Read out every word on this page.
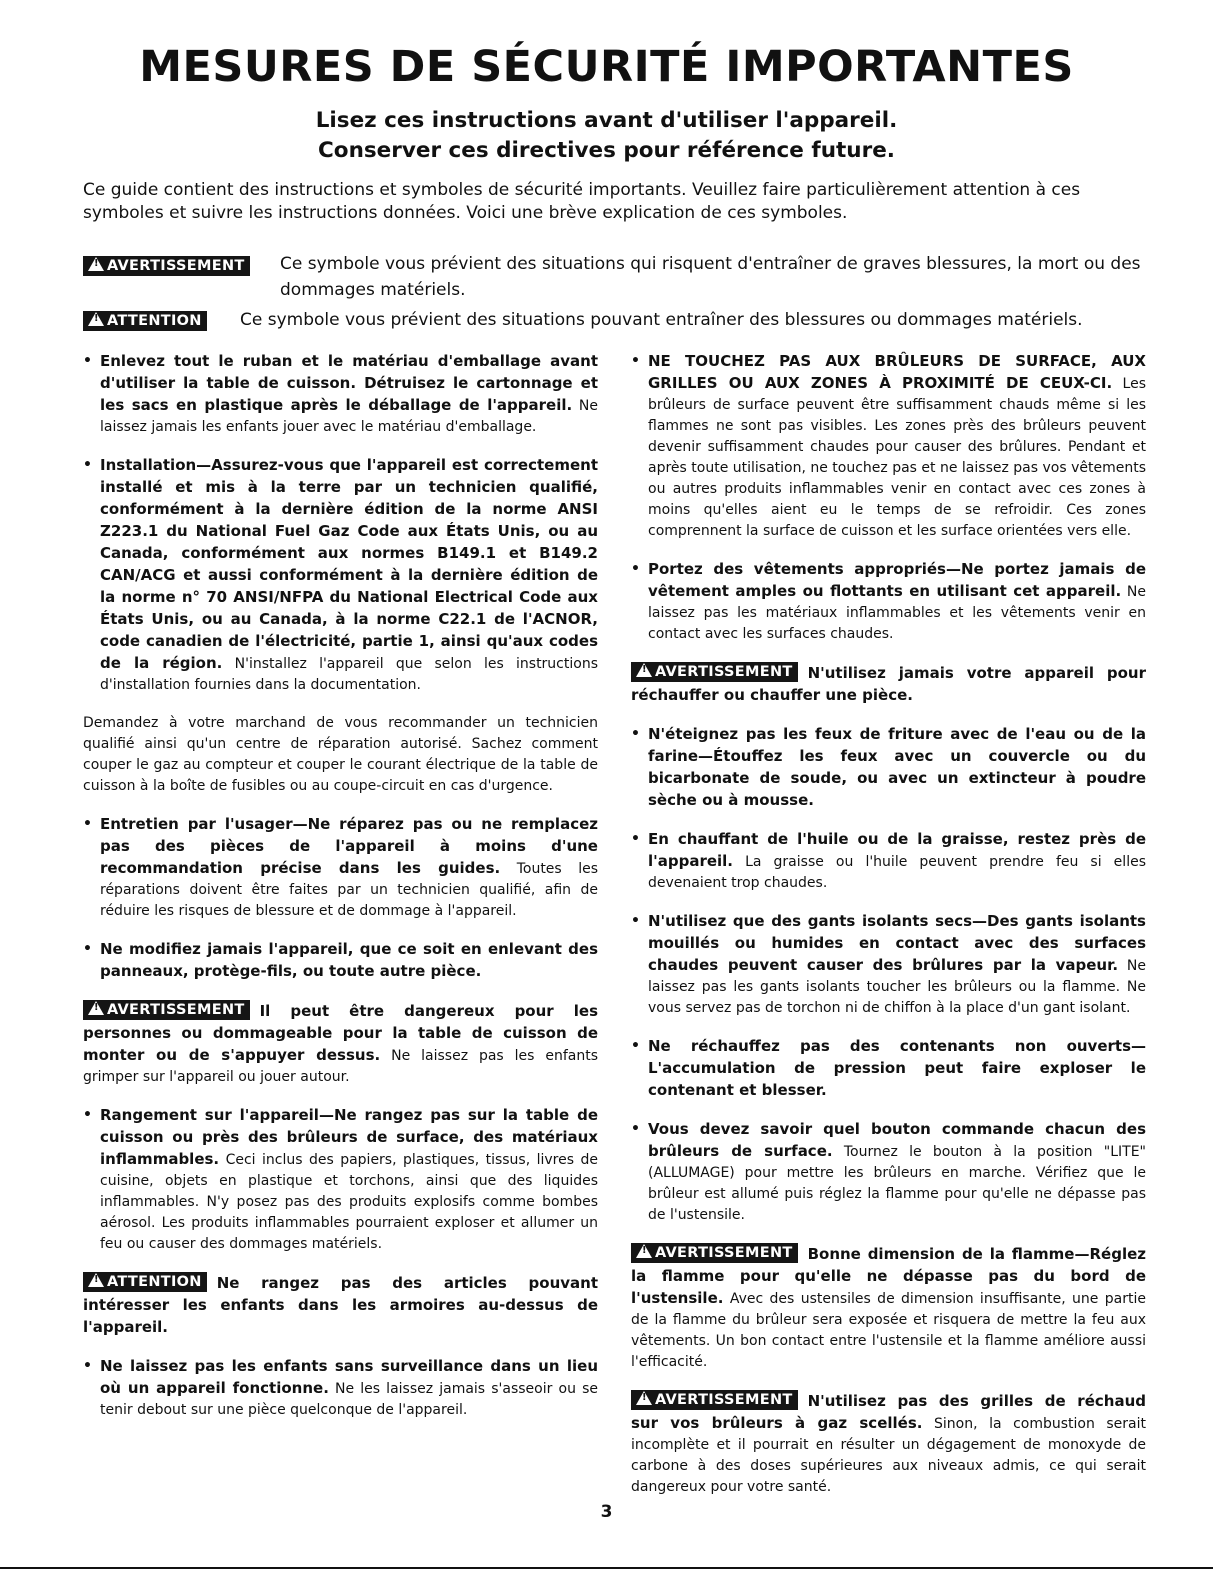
MESURES DE SÉCURITÉ IMPORTANTES

Lisez ces instructions avant d'utiliser l'appareil.

Conserver ces directives pour référence future.

Ce guide contient des instructions et symboles de sécurité importants. Veuillez faire particulièrement attention à ces symboles et suivre les instructions données. Voici une brève explication de ces symboles.

!AVERTISSEMENT Ce symbole vous prévient des situations qui risquent d'entraîner de graves blessures, la mort ou des dommages matériels.
!ATTENTION Ce symbole vous prévient des situations pouvant entraîner des blessures ou dommages matériels.

• Enlevez tout le ruban et le matériau d'emballage avant d'utiliser la table de cuisson. Détruisez le cartonnage et les sacs en plastique après le déballage de l'appareil. Ne laissez jamais les enfants jouer avec le matériau d'emballage.

• Installation—Assurez-vous que l'appareil est correctement installé et mis à la terre par un technicien qualifié, conformément à la dernière édition de la norme ANSI Z223.1 du National Fuel Gaz Code aux États Unis, ou au Canada, conformément aux normes B149.1 et B149.2 CAN/ACG et aussi conformément à la dernière édition de la norme n° 70 ANSI/NFPA du National Electrical Code aux États Unis, ou au Canada, à la norme C22.1 de l'ACNOR, code canadien de l'électricité, partie 1, ainsi qu'aux codes de la région. N'installez l'appareil que selon les instructions d'installation fournies dans la documentation.

Demandez à votre marchand de vous recommander un technicien qualifié ainsi qu'un centre de réparation autorisé. Sachez comment couper le gaz au compteur et couper le courant électrique de la table de cuisson à la boîte de fusibles ou au coupe-circuit en cas d'urgence.

• Entretien par l'usager—Ne réparez pas ou ne remplacez pas des pièces de l'appareil à moins d'une recommandation précise dans les guides. Toutes les réparations doivent être faites par un technicien qualifié, afin de réduire les risques de blessure et de dommage à l'appareil.

• Ne modifiez jamais l'appareil, que ce soit en enlevant des panneaux, protège-fils, ou toute autre pièce.

!AVERTISSEMENT Il peut être dangereux pour les personnes ou dommageable pour la table de cuisson de monter ou de s'appuyer dessus. Ne laissez pas les enfants grimper sur l'appareil ou jouer autour.

• Rangement sur l'appareil—Ne rangez pas sur la table de cuisson ou près des brûleurs de surface, des matériaux inflammables. Ceci inclus des papiers, plastiques, tissus, livres de cuisine, objets en plastique et torchons, ainsi que des liquides inflammables. N'y posez pas des produits explosifs comme bombes aérosol. Les produits inflammables pourraient exploser et allumer un feu ou causer des dommages matériels.

!ATTENTION Ne rangez pas des articles pouvant intéresser les enfants dans les armoires au-dessus de l'appareil.

• Ne laissez pas les enfants sans surveillance dans un lieu où un appareil fonctionne. Ne les laissez jamais s'asseoir ou se tenir debout sur une pièce quelconque de l'appareil.

• NE TOUCHEZ PAS AUX BRÛLEURS DE SURFACE, AUX GRILLES OU AUX ZONES À PROXIMITÉ DE CEUX-CI. Les brûleurs de surface peuvent être suffisamment chauds même si les flammes ne sont pas visibles. Les zones près des brûleurs peuvent devenir suffisamment chaudes pour causer des brûlures. Pendant et après toute utilisation, ne touchez pas et ne laissez pas vos vêtements ou autres produits inflammables venir en contact avec ces zones à moins qu'elles aient eu le temps de se refroidir. Ces zones comprennent la surface de cuisson et les surface orientées vers elle.

• Portez des vêtements appropriés—Ne portez jamais de vêtement amples ou flottants en utilisant cet appareil. Ne laissez pas les matériaux inflammables et les vêtements venir en contact avec les surfaces chaudes.

!AVERTISSEMENT N'utilisez jamais votre appareil pour réchauffer ou chauffer une pièce.

• N'éteignez pas les feux de friture avec de l'eau ou de la farine—Étouffez les feux avec un couvercle ou du bicarbonate de soude, ou avec un extincteur à poudre sèche ou à mousse.

• En chauffant de l'huile ou de la graisse, restez près de l'appareil. La graisse ou l'huile peuvent prendre feu si elles devenaient trop chaudes.

• N'utilisez que des gants isolants secs—Des gants isolants mouillés ou humides en contact avec des surfaces chaudes peuvent causer des brûlures par la vapeur. Ne laissez pas les gants isolants toucher les brûleurs ou la flamme. Ne vous servez pas de torchon ni de chiffon à la place d'un gant isolant.

• Ne réchauffez pas des contenants non ouverts—L'accumulation de pression peut faire exploser le contenant et blesser.

• Vous devez savoir quel bouton commande chacun des brûleurs de surface. Tournez le bouton à la position "LITE" (ALLUMAGE) pour mettre les brûleurs en marche. Vérifiez que le brûleur est allumé puis réglez la flamme pour qu'elle ne dépasse pas de l'ustensile.

!AVERTISSEMENT Bonne dimension de la flamme—Réglez la flamme pour qu'elle ne dépasse pas du bord de l'ustensile. Avec des ustensiles de dimension insuffisante, une partie de la flamme du brûleur sera exposée et risquera de mettre la feu aux vêtements. Un bon contact entre l'ustensile et la flamme améliore aussi l'efficacité.

!AVERTISSEMENT N'utilisez pas des grilles de réchaud sur vos brûleurs à gaz scellés. Sinon, la combustion serait incomplète et il pourrait en résulter un dégagement de monoxyde de carbone à des doses supérieures aux niveaux admis, ce qui serait dangereux pour votre santé.

3
